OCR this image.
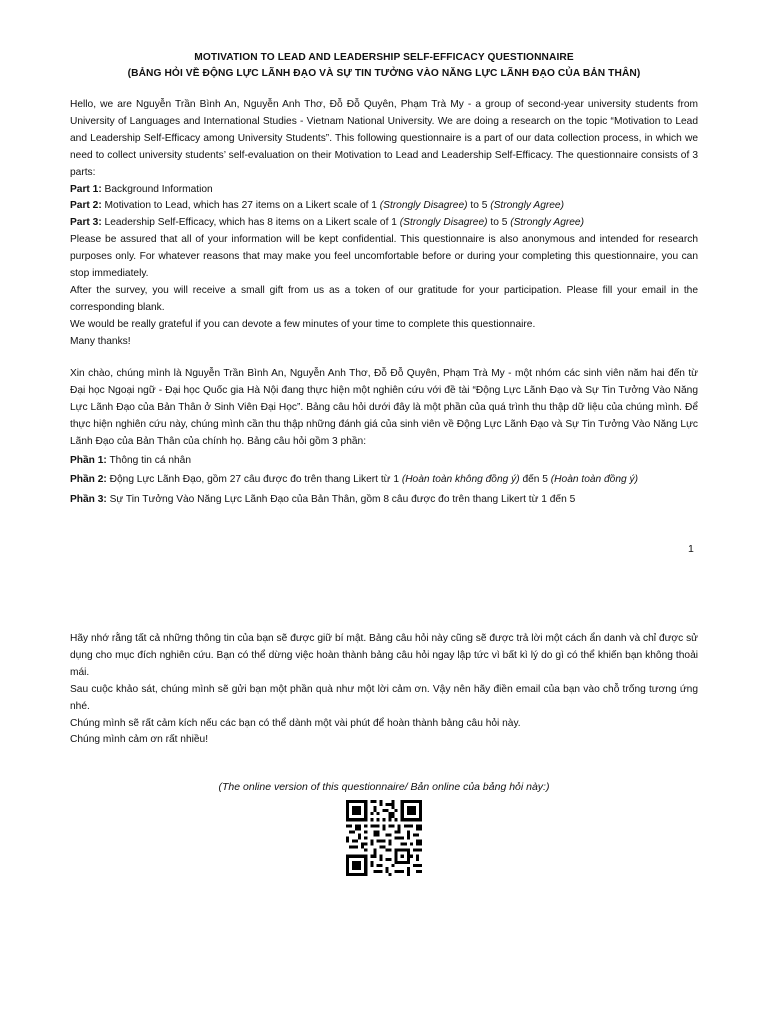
MOTIVATION TO LEAD AND LEADERSHIP SELF-EFFICACY QUESTIONNAIRE
(BẢNG HỎI VỀ ĐỘNG LỰC LÃNH ĐẠO VÀ SỰ TIN TƯỞNG VÀO NĂNG LỰC LÃNH ĐẠO CỦA BẢN THÂN)

Hello, we are Nguyễn Trần Bình An, Nguyễn Anh Thơ, Đỗ Đỗ Quyên, Phạm Trà My - a group of second-year university students from University of Languages and International Studies - Vietnam National University. We are doing a research on the topic “Motivation to Lead and Leadership Self-Efficacy among University Students”. This following questionnaire is a part of our data collection process, in which we need to collect university students’ self-evaluation on their Motivation to Lead and Leadership Self-Efficacy. The questionnaire consists of 3 parts:

Part 1: Background Information

Part 2: Motivation to Lead, which has 27 items on a Likert scale of 1 (Strongly Disagree) to 5 (Strongly Agree)

Part 3: Leadership Self-Efficacy, which has 8 items on a Likert scale of 1 (Strongly Disagree) to 5 (Strongly Agree)

Please be assured that all of your information will be kept confidential. This questionnaire is also anonymous and intended for research purposes only. For whatever reasons that may make you feel uncomfortable before or during your completing this questionnaire, you can stop immediately.

After the survey, you will receive a small gift from us as a token of our gratitude for your participation. Please fill your email in the corresponding blank.

We would be really grateful if you can devote a few minutes of your time to complete this questionnaire.

Many thanks!

Xin chào, chúng mình là Nguyễn Trần Bình An, Nguyễn Anh Thơ, Đỗ Đỗ Quyên, Phạm Trà My - một nhóm các sinh viên năm hai đến từ Đại học Ngoại ngữ - Đại học Quốc gia Hà Nội đang thực hiện một nghiên cứu với đề tài “Động Lực Lãnh Đạo và Sự Tin Tưởng Vào Năng Lực Lãnh Đạo của Bản Thân ở Sinh Viên Đại Học”. Bảng câu hỏi dưới đây là một phần của quá trình thu thập dữ liệu của chúng mình. Để thực hiện nghiên cứu này, chúng mình cần thu thập những đánh giá của sinh viên về Động Lực Lãnh Đạo và Sự Tin Tưởng Vào Năng Lực Lãnh Đạo của Bản Thân của chính họ. Bảng câu hỏi gồm 3 phần:

Phần 1: Thông tin cá nhân

Phần 2: Động Lực Lãnh Đạo, gồm 27 câu được đo trên thang Likert từ 1 (Hoàn toàn không đồng ý) đến 5 (Hoàn toàn đồng ý)

Phần 3: Sự Tin Tưởng Vào Năng Lực Lãnh Đạo của Bản Thân, gồm 8 câu được đo trên thang Likert từ 1 đến 5

1

Hãy nhớ rằng tất cả những thông tin của bạn sẽ được giữ bí mật. Bảng câu hỏi này cũng sẽ được trả lời một cách ẩn danh và chỉ được sử dụng cho mục đích nghiên cứu. Bạn có thể dừng việc hoàn thành bảng câu hỏi ngay lập tức vì bất kì lý do gì có thể khiến bạn không thoải mái.

Sau cuộc khảo sát, chúng mình sẽ gửi bạn một phần quà như một lời cảm ơn. Vậy nên hãy điền email của bạn vào chỗ trống tương ứng nhé.

Chúng mình sẽ rất cảm kích nếu các bạn có thể dành một vài phút để hoàn thành bảng câu hỏi này.

Chúng mình cảm ơn rất nhiều!

(The online version of this questionnaire/ Bản online của bảng hỏi này:)
